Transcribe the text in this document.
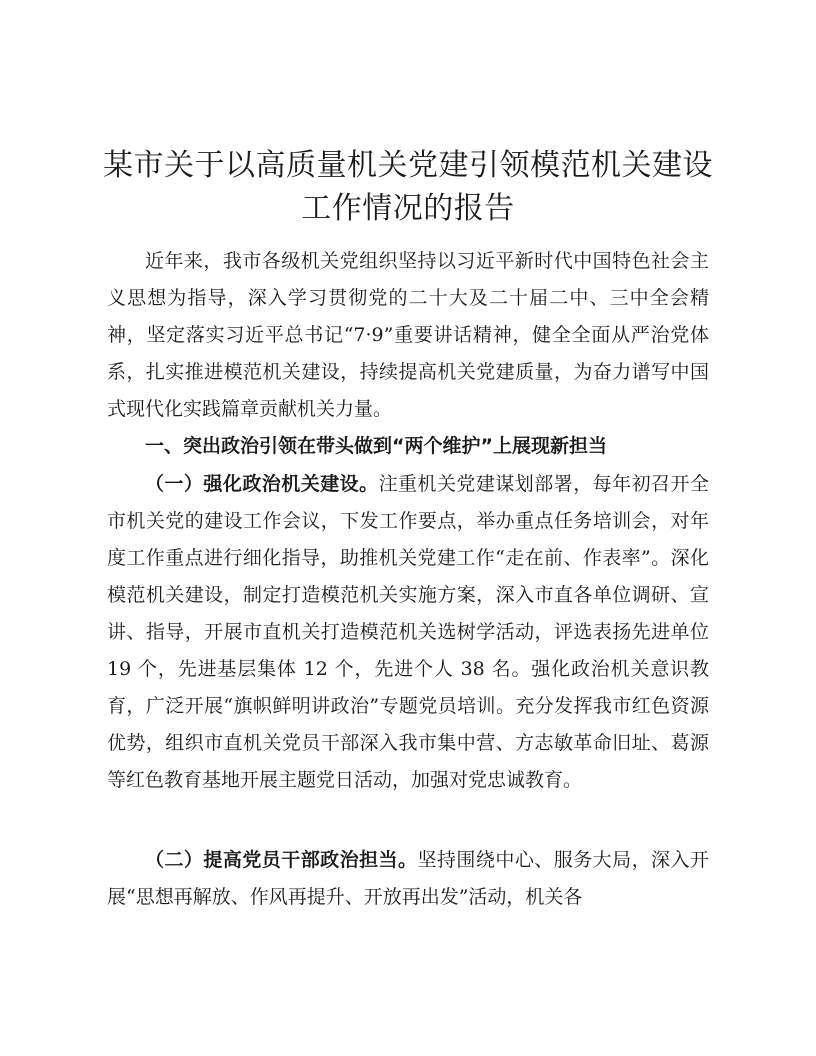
某市关于以高质量机关党建引领模范机关建设
工作情况的报告

近年来，我市各级机关党组织坚持以习近平新时代中国特色社会主义思想为指导，深入学习贯彻党的二十大及二十届二中、三中全会精神，坚定落实习近平总书记“7·9”重要讲话精神，健全全面从严治党体系，扎实推进模范机关建设，持续提高机关党建质量，为奋力谱写中国式现代化实践篇章贡献机关力量。

一、突出政治引领在带头做到“两个维护”上展现新担当

（一）强化政治机关建设。注重机关党建谋划部署，每年初召开全市机关党的建设工作会议，下发工作要点，举办重点任务培训会，对年度工作重点进行细化指导，助推机关党建工作“走在前、作表率”。深化模范机关建设，制定打造模范机关实施方案，深入市直各单位调研、宣讲、指导，开展市直机关打造模范机关选树学活动，评选表扬先进单位 19 个，先进基层集体 12 个，先进个人 38 名。强化政治机关意识教育，广泛开展“旗帜鲜明讲政治”专题党员培训。充分发挥我市红色资源优势，组织市直机关党员干部深入我市集中营、方志敏革命旧址、葛源等红色教育基地开展主题党日活动，加强对党忠诚教育。

（二）提高党员干部政治担当。坚持围绕中心、服务大局，深入开展“思想再解放、作风再提升、开放再出发”活动，机关各
